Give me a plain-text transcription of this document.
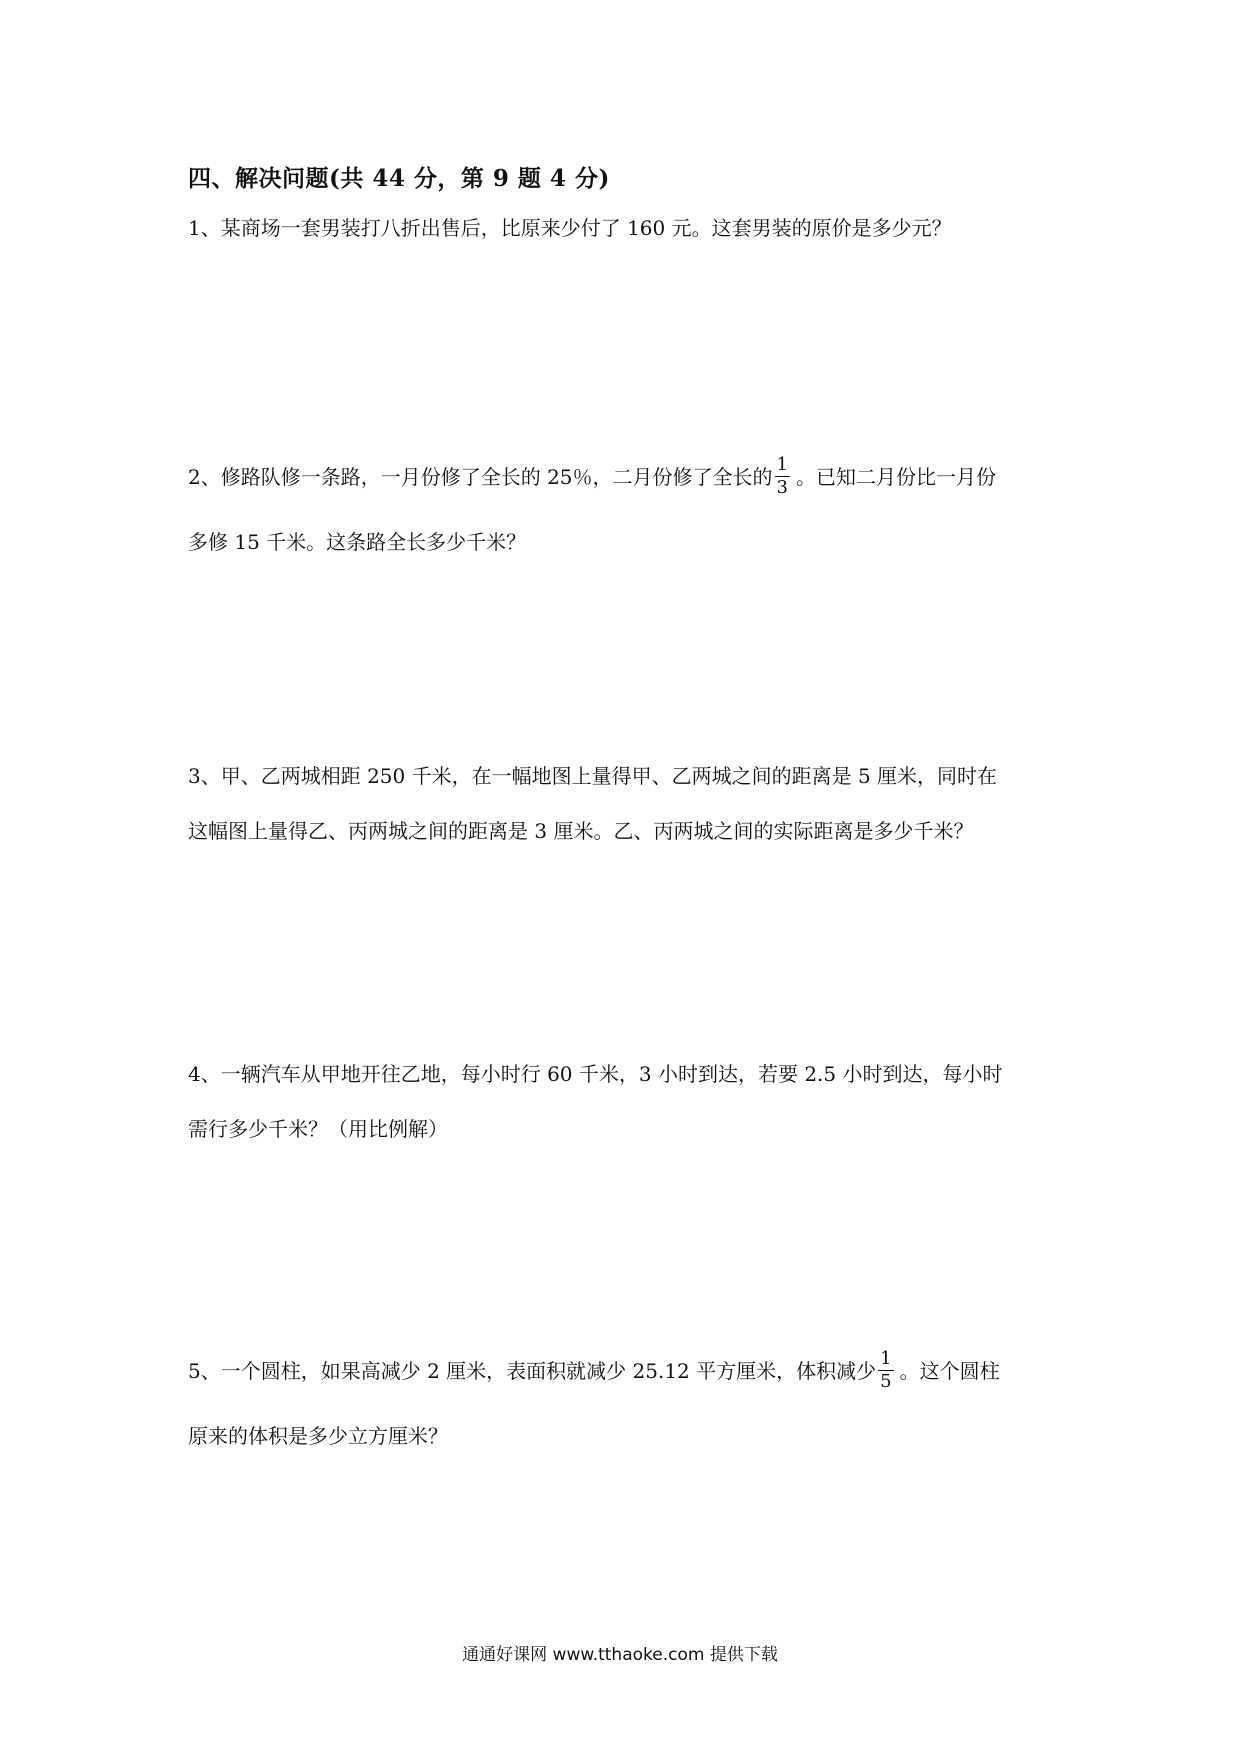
四、解决问题(共 44 分，第 9 题 4 分)
1、某商场一套男装打八折出售后，比原来少付了 160 元。这套男装的原价是多少元？
2、修路队修一条路，一月份修了全长的 25％，二月份修了全长的 $\frac{1}{3}$ 。已知二月份比一月份
多修 15 千米。这条路全长多少千米？
3、甲、乙两城相距 250 千米，在一幅地图上量得甲、乙两城之间的距离是 5 厘米，同时在
这幅图上量得乙、丙两城之间的距离是 3 厘米。乙、丙两城之间的实际距离是多少千米？
4、一辆汽车从甲地开往乙地，每小时行 60 千米，3 小时到达，若要 2.5 小时到达，每小时
需行多少千米？（用比例解）
5、一个圆柱，如果高减少 2 厘米，表面积就减少 25.12 平方厘米，体积减少 $\frac{1}{5}$ 。这个圆柱
原来的体积是多少立方厘米？
通通好课网 www.tthaoke.com 提供下载
